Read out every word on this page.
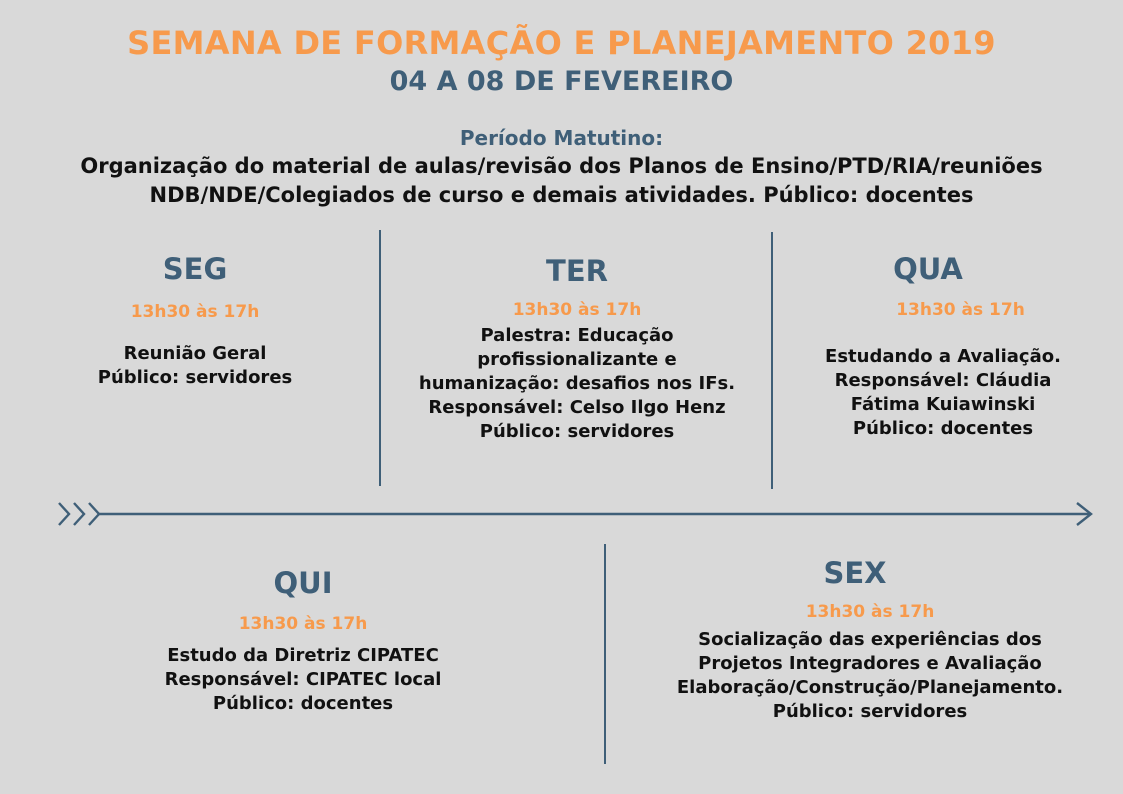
SEMANA DE FORMAÇÃO E PLANEJAMENTO 2019
04 A 08 DE FEVEREIRO
Período Matutino:
Organização do material de aulas/revisão dos Planos de Ensino/PTD/RIA/reuniões
NDB/NDE/Colegiados de curso e demais atividades. Público: docentes
SEG
13h30 às 17h
Reunião Geral
Público: servidores
TER
13h30 às 17h
Palestra: Educação
profissionalizante e
humanização: desafios nos IFs.
Responsável: Celso Ilgo Henz
Público: servidores
QUA
13h30 às 17h
Estudando a Avaliação.
Responsável: Cláudia
Fátima Kuiawinski
Público: docentes
QUI
13h30 às 17h
Estudo da Diretriz CIPATEC
Responsável: CIPATEC local
Público: docentes
SEX
13h30 às 17h
Socialização das experiências dos
Projetos Integradores e Avaliação
Elaboração/Construção/Planejamento.
Público: servidores
